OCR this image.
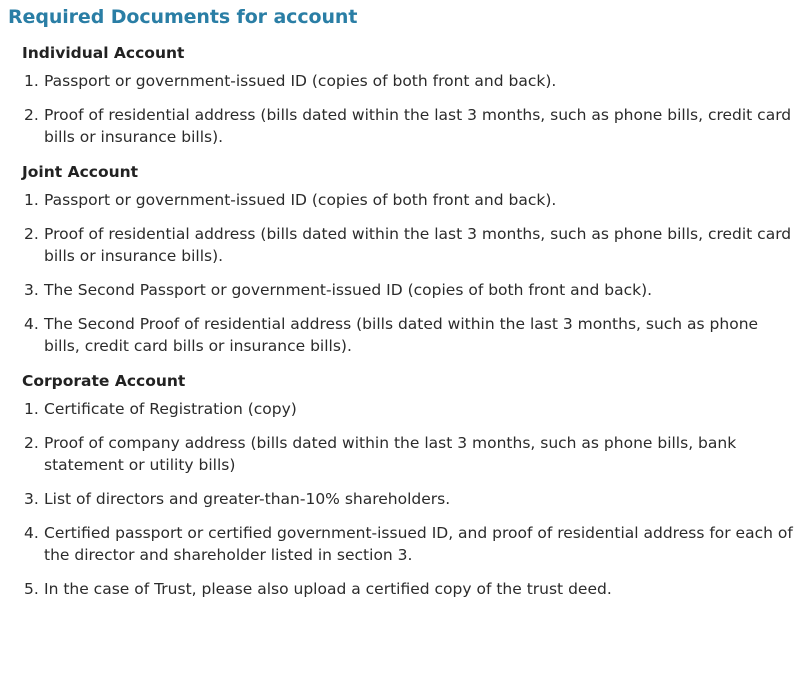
Required Documents for account
Individual Account
1. Passport or government-issued ID (copies of both front and back).
2. Proof of residential address (bills dated within the last 3 months, such as phone bills, credit card bills or insurance bills).
Joint Account
1. Passport or government-issued ID (copies of both front and back).
2. Proof of residential address (bills dated within the last 3 months, such as phone bills, credit card bills or insurance bills).
3. The Second Passport or government-issued ID (copies of both front and back).
4. The Second Proof of residential address (bills dated within the last 3 months, such as phone bills, credit card bills or insurance bills).
Corporate Account
1. Certificate of Registration (copy)
2. Proof of company address (bills dated within the last 3 months, such as phone bills, bank statement or utility bills)
3. List of directors and greater-than-10% shareholders.
4. Certified passport or certified government-issued ID, and proof of residential address for each of the director and shareholder listed in section 3.
5. In the case of Trust, please also upload a certified copy of the trust deed.
